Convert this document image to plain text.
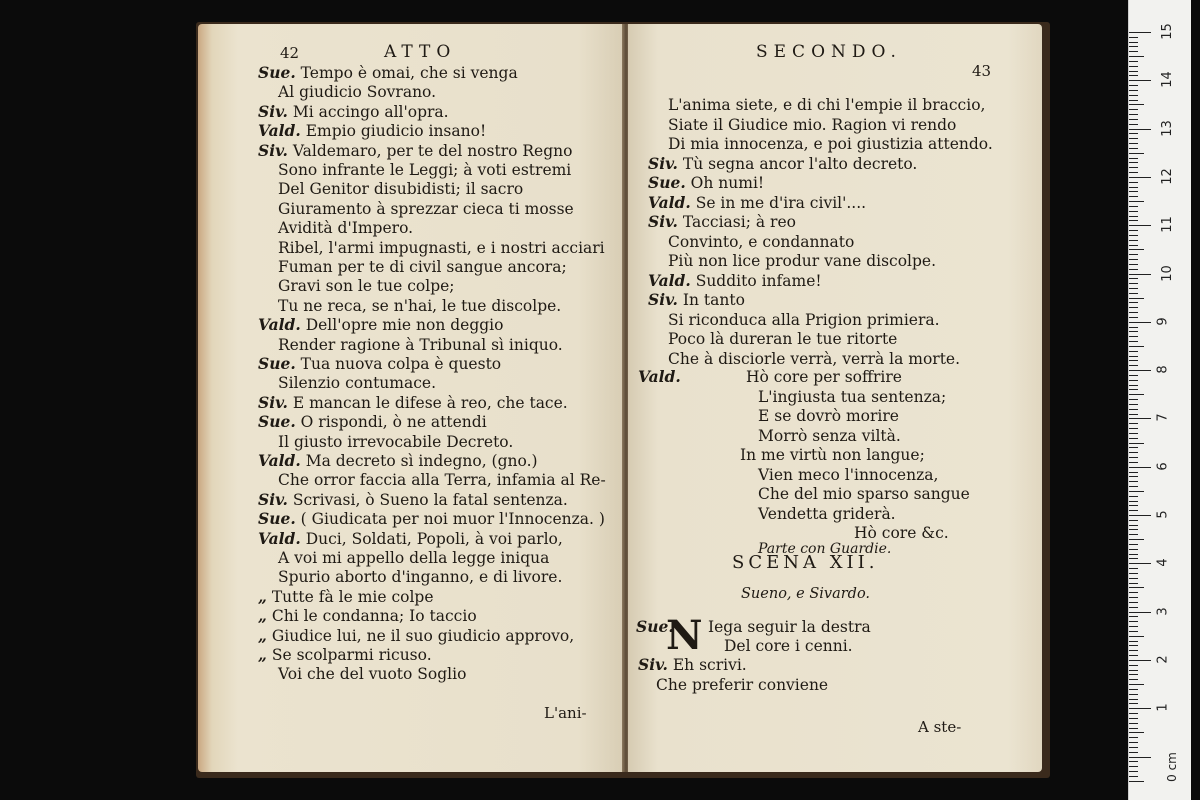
42	ATTO
Sue. Tempo è omai, che si venga
Al giudicio Sovrano.
Siv. Mi accingo all'opra.
Vald. Empio giudicio insano!
Siv. Valdemaro, per te del nostro Regno
Sono infrante le Leggi; à voti estremi
Del Genitor disubidisti; il sacro
Giuramento à sprezzar cieca ti mosse
Avidità d'Impero.
Ribel, l'armi impugnasti, e i nostri acciari
Fuman per te di civil sangue ancora;
Gravi son le tue colpe;
Tu ne reca, se n'hai, le tue discolpe.
Vald. Dell'opre mie non deggio
Render ragione à Tribunal sì iniquo.
Sue. Tua nuova colpa è questo
Silenzio contumace.
Siv. E mancan le difese à reo, che tace.
Sue. O rispondi, ò ne attendi
Il giusto irrevocabile Decreto.
Vald. Ma decreto sì indegno, (gno.)
Che orror faccia alla Terra, infamia al Re-
Siv. Scrivasi, ò Sueno la fatal sentenza.
Sue. ( Giudicata per noi muor l'Innocenza. )
Vald. Duci, Soldati, Popoli, à voi parlo,
A voi mi appello della legge iniqua
Spurio aborto d'inganno, e di livore.
„ Tutte fà le mie colpe
„ Chi le condanna; Io taccio
„ Giudice lui, ne il suo giudicio approvo,
„ Se scolparmi ricuso.
Voi che del vuoto Soglio
L'ani-
SECONDO.
43
L'anima siete, e di chi l'empie il braccio,
Siate il Giudice mio. Ragion vi rendo
Di mia innocenza, e poi giustizia attendo.
Siv. Tù segna ancor l'alto decreto.
Sue. Oh numi!
Vald. Se in me d'ira civil'....
Siv. Tacciasi; à reo
Convinto, e condannato
Più non lice produr vane discolpe.
Vald. Suddito infame!
Siv. In tanto
Si riconduca alla Prigion primiera.
Poco là dureran le tue ritorte
Che à disciorle verrà, verrà la morte.
Vald.	Hò core per soffrire
L'ingiusta tua sentenza;
E se dovrò morire
Morrò senza viltà.
In me virtù non langue;
Vien meco l'innocenza,
Che del mio sparso sangue
Vendetta griderà.
Hò core &c.
Parte con Guardie.
SCENA XII.
Sueno, e Sivardo.
N
Sue. Iega seguir la destra
Del core i cenni.
Siv. Eh scrivi.
Che preferir conviene
A ste-
15
14
13
12
11
10
9
8
7
6
5
4
3
2
1
0 cm
